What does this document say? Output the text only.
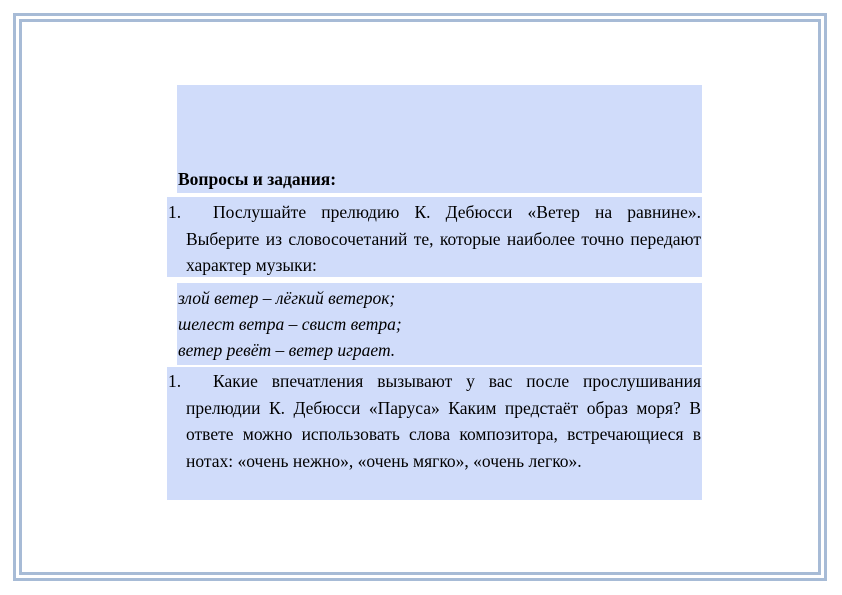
Вопросы и задания:
1.	Послушайте прелюдию К. Дебюсси «Ветер на равнине». Выберите из словосочетаний те, которые наиболее точно передают характер музыки:
злой ветер – лёгкий ветерок;
шелест ветра – свист ветра;
ветер ревёт – ветер играет.
1.	Какие впечатления вызывают у вас после прослушивания прелюдии К. Дебюсси «Паруса» Каким предстаёт образ моря? В ответе можно использовать слова композитора, встречающиеся в нотах: «очень нежно», «очень мягко», «очень легко».
